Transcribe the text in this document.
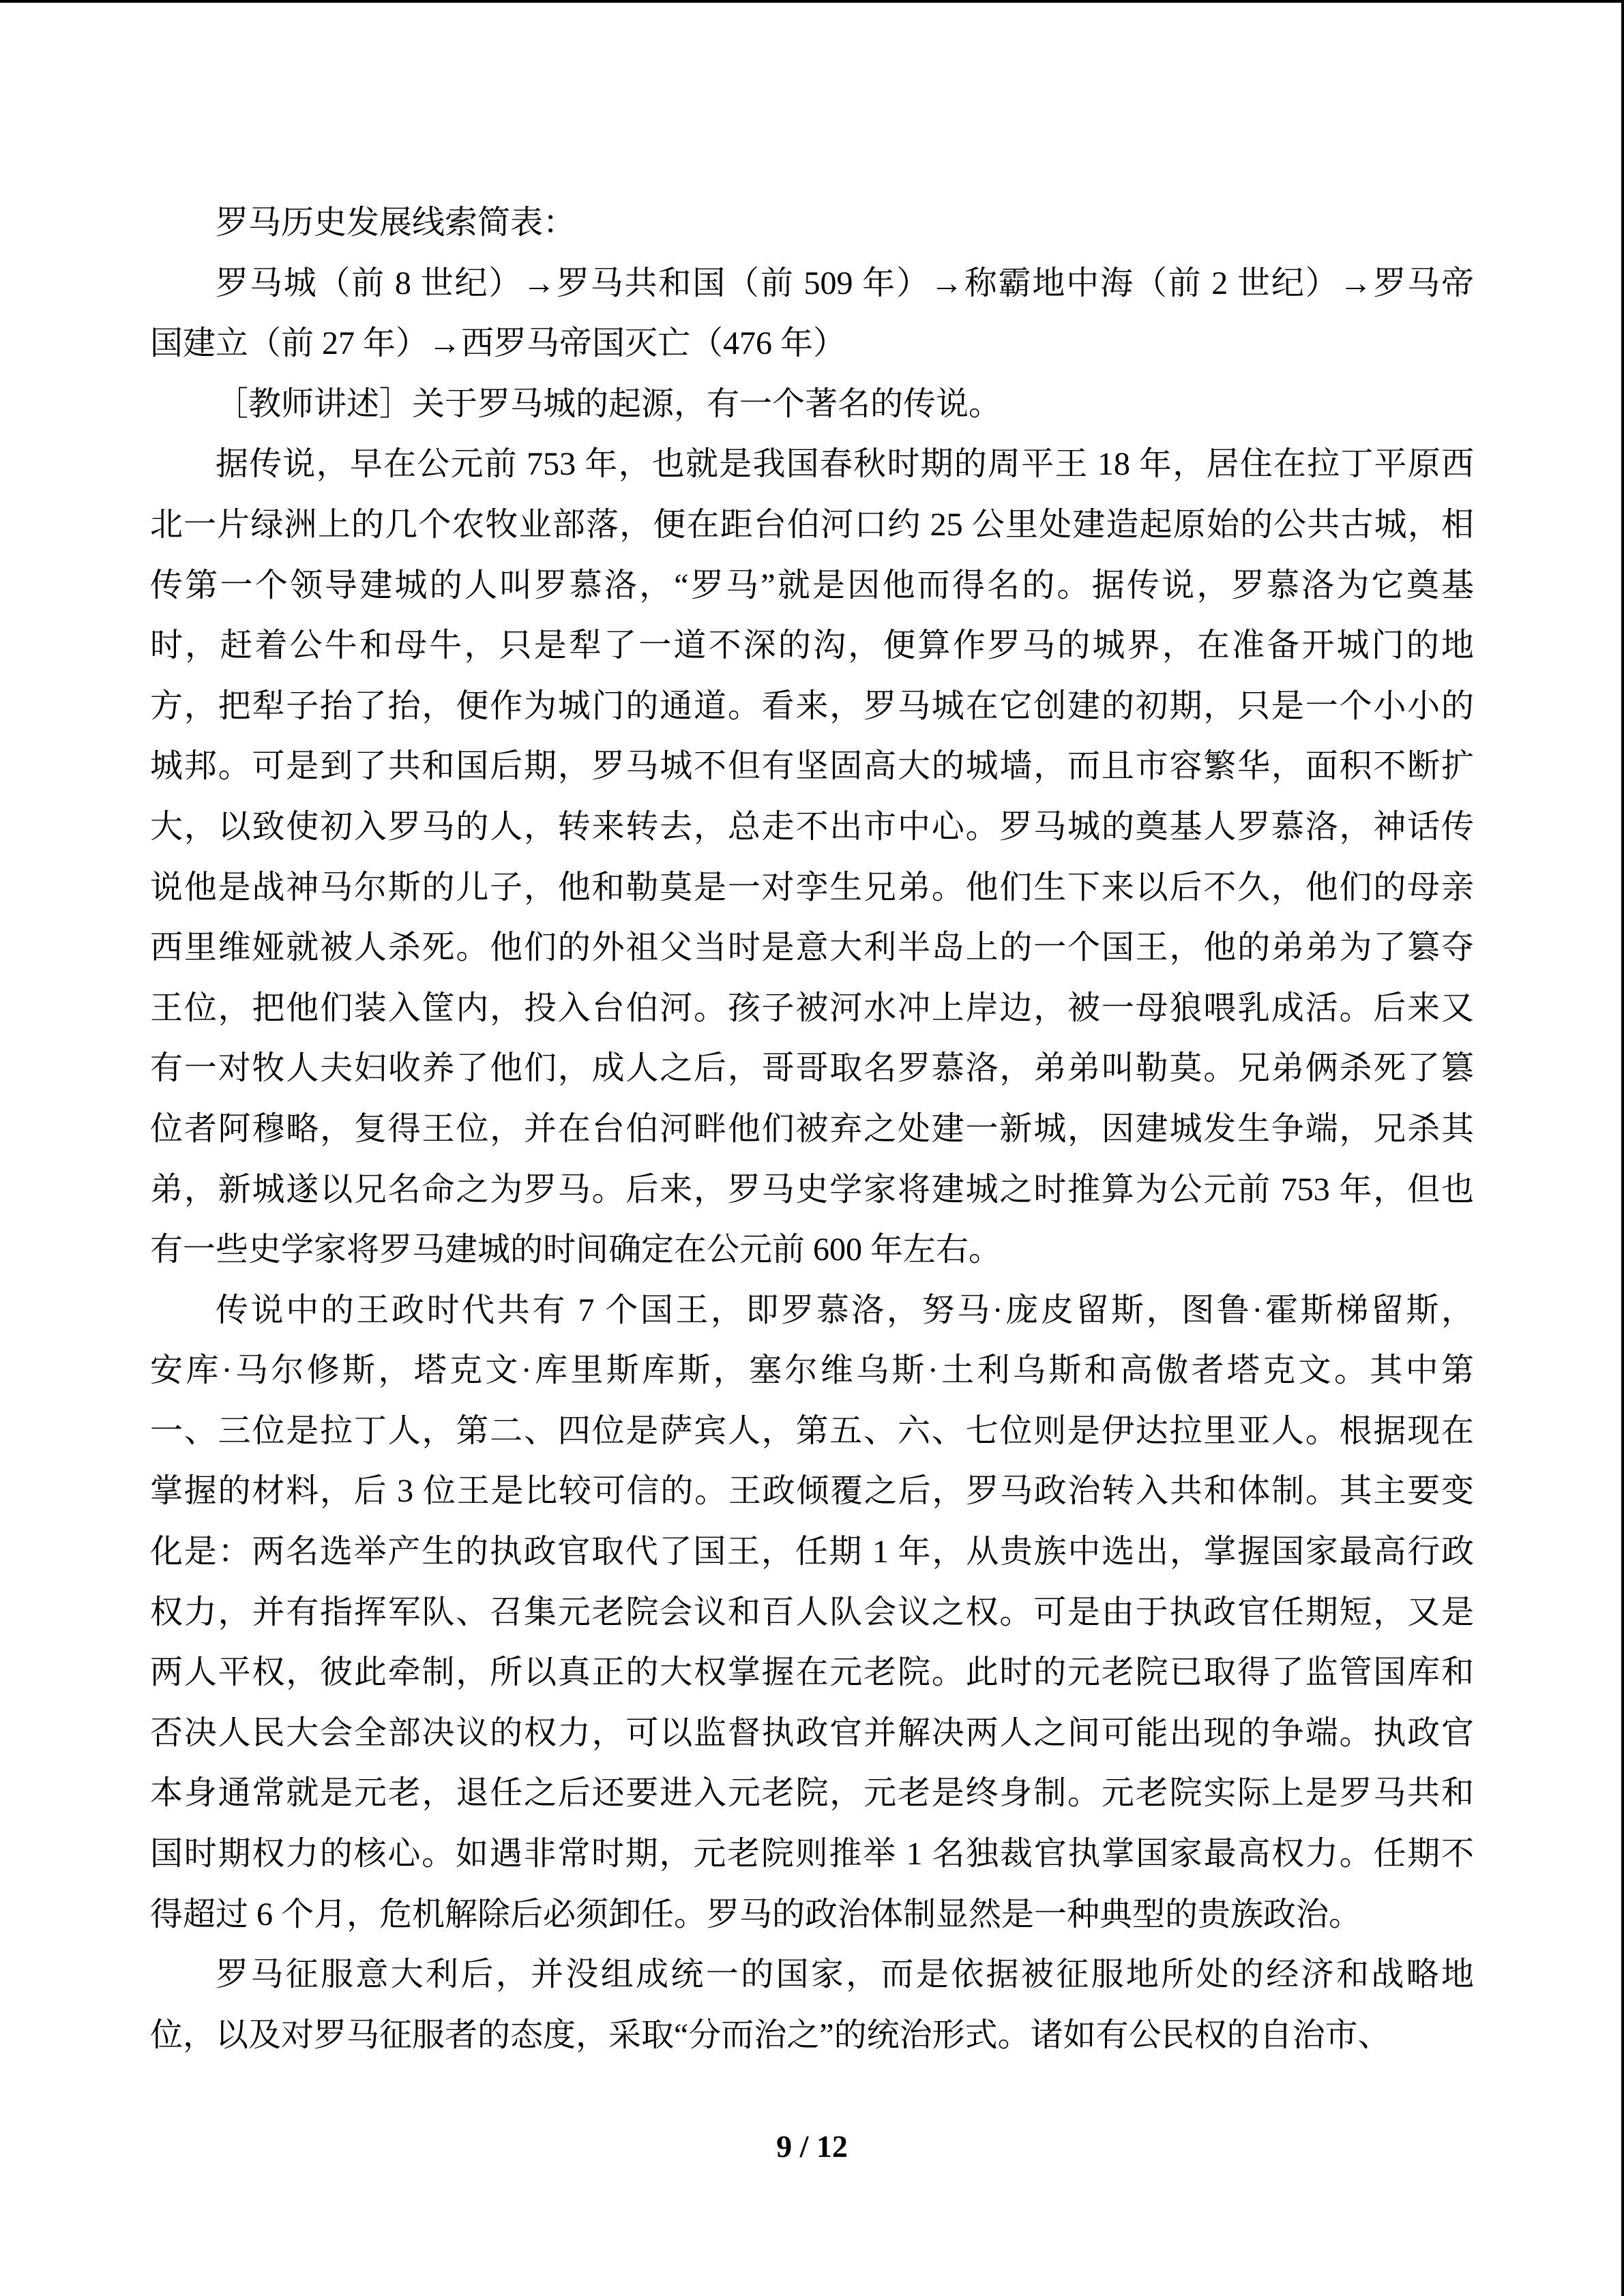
罗马历史发展线索简表：
罗马城（前 8 世纪）→罗马共和国（前 509 年）→称霸地中海（前 2 世纪）→罗马帝
国建立（前 27 年）→西罗马帝国灭亡（476 年）
［教师讲述］关于罗马城的起源，有一个著名的传说。
据传说，早在公元前 753 年，也就是我国春秋时期的周平王 18 年，居住在拉丁平原西
北一片绿洲上的几个农牧业部落，便在距台伯河口约 25 公里处建造起原始的公共古城，相
传第一个领导建城的人叫罗慕洛，“罗马”就是因他而得名的。据传说，罗慕洛为它奠基
时，赶着公牛和母牛，只是犁了一道不深的沟，便算作罗马的城界，在准备开城门的地
方，把犁子抬了抬，便作为城门的通道。看来，罗马城在它创建的初期，只是一个小小的
城邦。可是到了共和国后期，罗马城不但有坚固高大的城墙，而且市容繁华，面积不断扩
大，以致使初入罗马的人，转来转去，总走不出市中心。罗马城的奠基人罗慕洛，神话传
说他是战神马尔斯的儿子，他和勒莫是一对孪生兄弟。他们生下来以后不久，他们的母亲
西里维娅就被人杀死。他们的外祖父当时是意大利半岛上的一个国王，他的弟弟为了篡夺
王位，把他们装入筐内，投入台伯河。孩子被河水冲上岸边，被一母狼喂乳成活。后来又
有一对牧人夫妇收养了他们，成人之后，哥哥取名罗慕洛，弟弟叫勒莫。兄弟俩杀死了篡
位者阿穆略，复得王位，并在台伯河畔他们被弃之处建一新城，因建城发生争端，兄杀其
弟，新城遂以兄名命之为罗马。后来，罗马史学家将建城之时推算为公元前 753 年，但也
有一些史学家将罗马建城的时间确定在公元前 600 年左右。
传说中的王政时代共有 7 个国王，即罗慕洛，努马·庞皮留斯，图鲁·霍斯梯留斯，
安库·马尔修斯，塔克文·库里斯库斯，塞尔维乌斯·土利乌斯和高傲者塔克文。其中第
一、三位是拉丁人，第二、四位是萨宾人，第五、六、七位则是伊达拉里亚人。根据现在
掌握的材料，后 3 位王是比较可信的。王政倾覆之后，罗马政治转入共和体制。其主要变
化是：两名选举产生的执政官取代了国王，任期 1 年，从贵族中选出，掌握国家最高行政
权力，并有指挥军队、召集元老院会议和百人队会议之权。可是由于执政官任期短，又是
两人平权，彼此牵制，所以真正的大权掌握在元老院。此时的元老院已取得了监管国库和
否决人民大会全部决议的权力，可以监督执政官并解决两人之间可能出现的争端。执政官
本身通常就是元老，退任之后还要进入元老院，元老是终身制。元老院实际上是罗马共和
国时期权力的核心。如遇非常时期，元老院则推举 1 名独裁官执掌国家最高权力。任期不
得超过 6 个月，危机解除后必须卸任。罗马的政治体制显然是一种典型的贵族政治。
罗马征服意大利后，并没组成统一的国家，而是依据被征服地所处的经济和战略地
位，以及对罗马征服者的态度，采取“分而治之”的统治形式。诸如有公民权的自治市、
9 / 12
